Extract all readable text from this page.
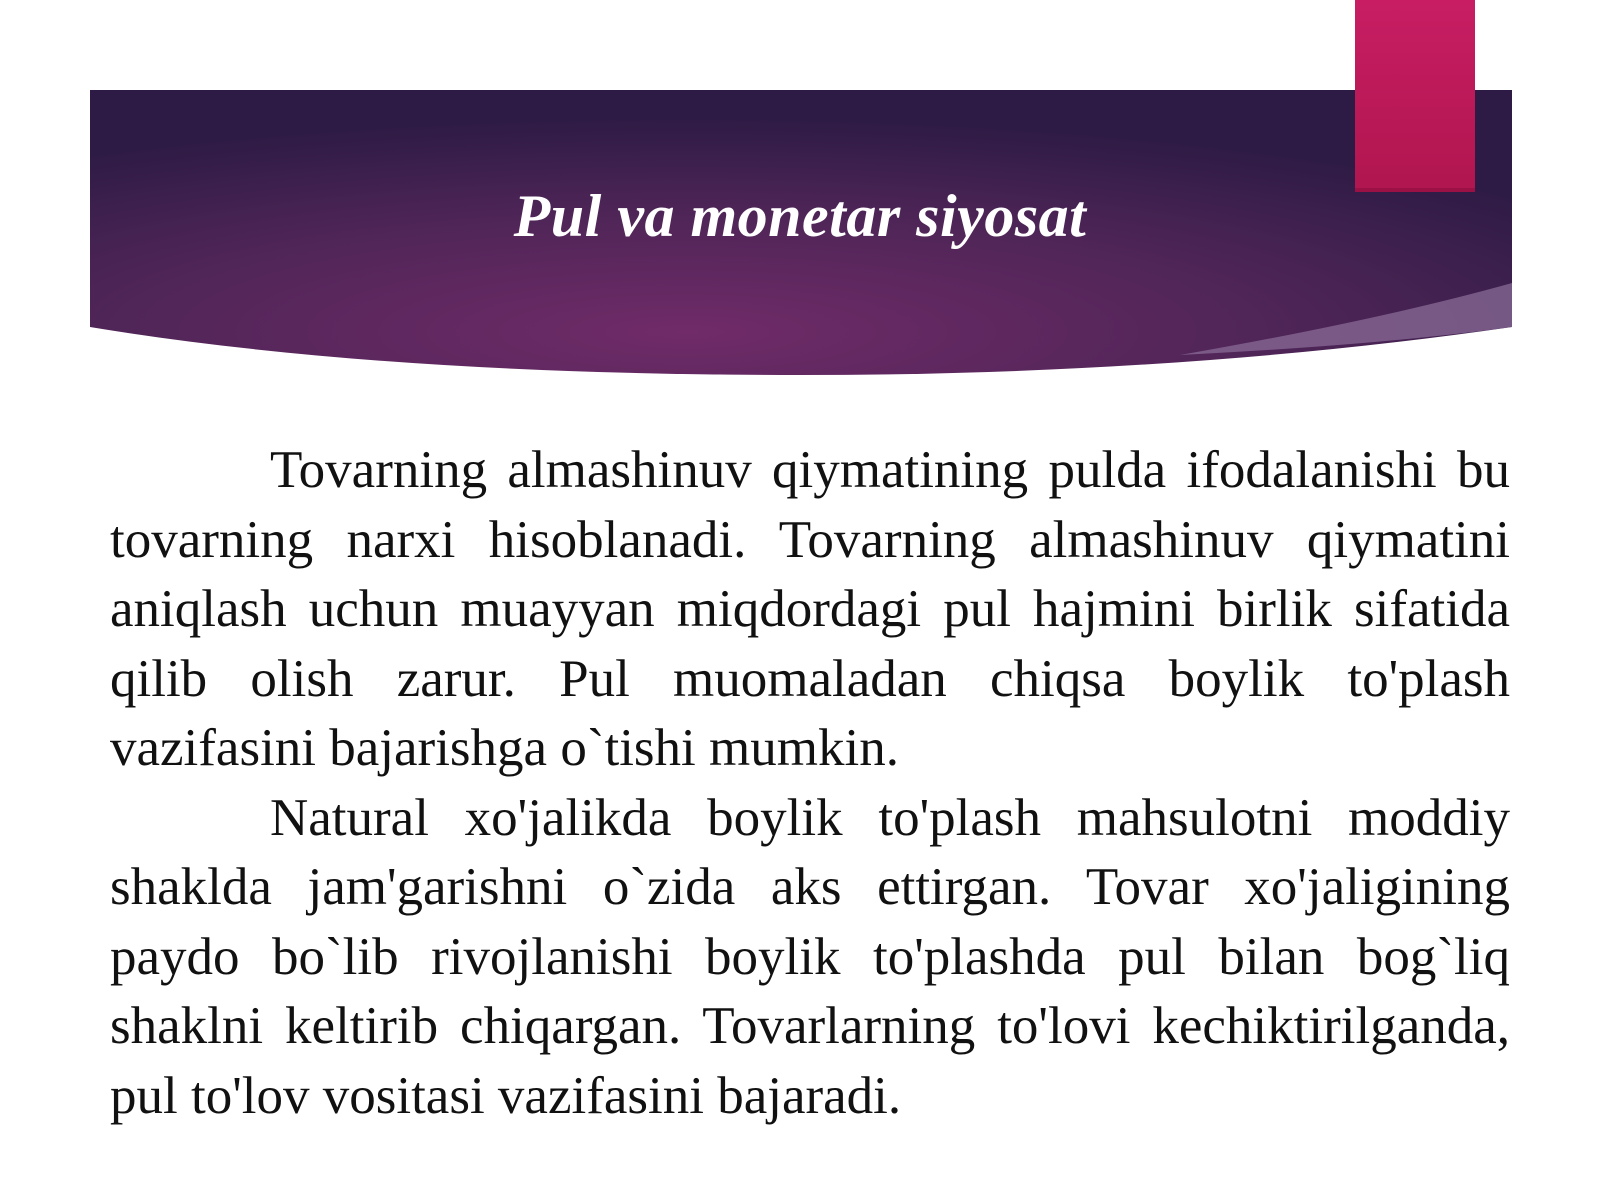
Pul va monetar siyosat

Tovarning almashinuv qiymatining pulda ifodalanishi bu tovarning narxi hisoblanadi. Tovarning almashinuv qiymatini aniqlash uchun muayyan miqdordagi pul hajmini birlik sifatida qilib olish zarur. Pul muomaladan chiqsa boylik to'plash vazifasini bajarishga o`tishi mumkin.

Natural xo'jalikda boylik to'plash mahsulotni moddiy shaklda jam'garishni o`zida aks ettirgan. Tovar xo'jaligining paydo bo`lib rivojlanishi boylik to'plashda pul bilan bog`liq shaklni keltirib chiqargan. Tovarlarning to'lovi kechiktirilganda, pul to'lov vositasi vazifasini bajaradi.
